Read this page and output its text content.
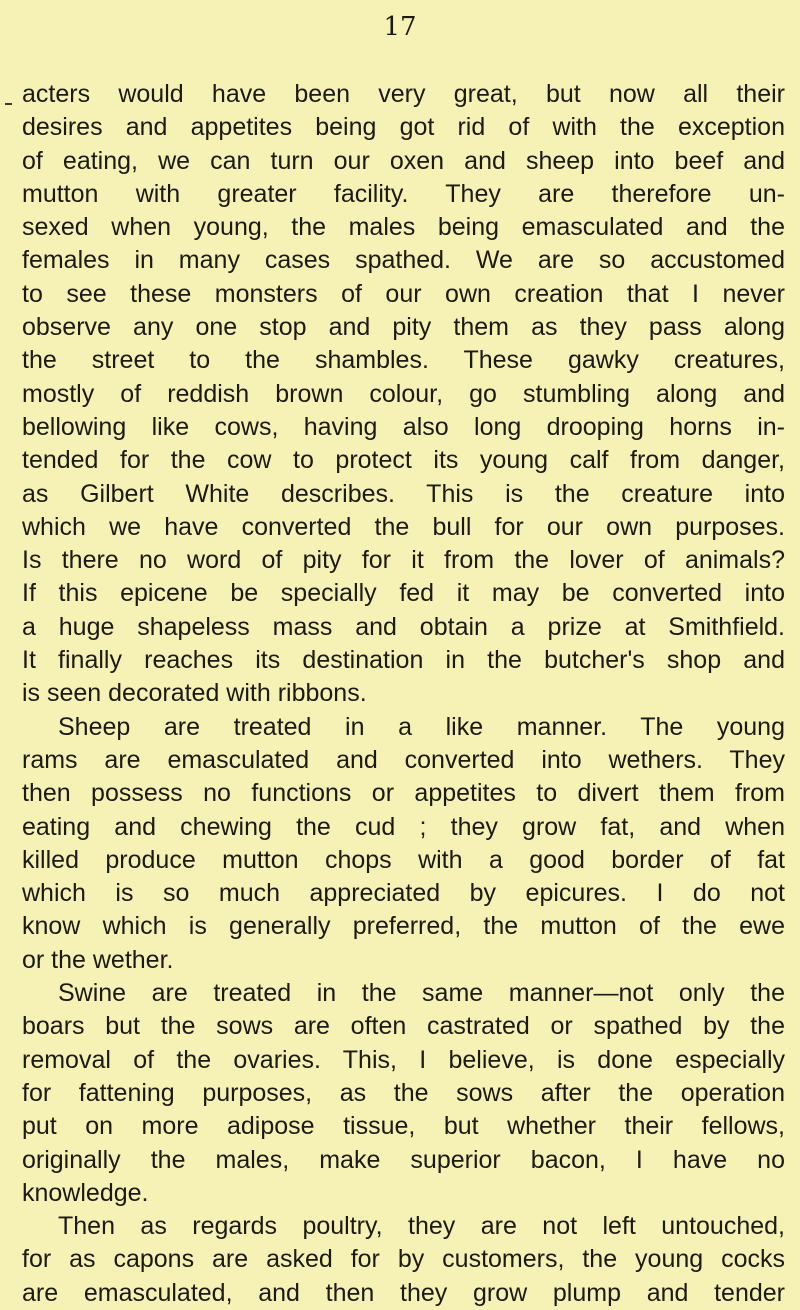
17
acters would have been very great, but now all their
desires and appetites being got rid of with the exception
of eating, we can turn our oxen and sheep into beef and
mutton with greater facility. They are therefore un-
sexed when young, the males being emasculated and the
females in many cases spathed. We are so accustomed
to see these monsters of our own creation that I never
observe any one stop and pity them as they pass along
the street to the shambles. These gawky creatures,
mostly of reddish brown colour, go stumbling along and
bellowing like cows, having also long drooping horns in-
tended for the cow to protect its young calf from danger,
as Gilbert White describes. This is the creature into
which we have converted the bull for our own purposes.
Is there no word of pity for it from the lover of animals?
If this epicene be specially fed it may be converted into
a huge shapeless mass and obtain a prize at Smithfield.
It finally reaches its destination in the butcher's shop and
is seen decorated with ribbons.
Sheep are treated in a like manner. The young
rams are emasculated and converted into wethers. They
then possess no functions or appetites to divert them from
eating and chewing the cud ; they grow fat, and when
killed produce mutton chops with a good border of fat
which is so much appreciated by epicures. I do not
know which is generally preferred, the mutton of the ewe
or the wether.
Swine are treated in the same manner—not only the
boars but the sows are often castrated or spathed by the
removal of the ovaries. This, I believe, is done especially
for fattening purposes, as the sows after the operation
put on more adipose tissue, but whether their fellows,
originally the males, make superior bacon, I have no
knowledge.
Then as regards poultry, they are not left untouched,
for as capons are asked for by customers, the young cocks
are emasculated, and then they grow plump and tender
